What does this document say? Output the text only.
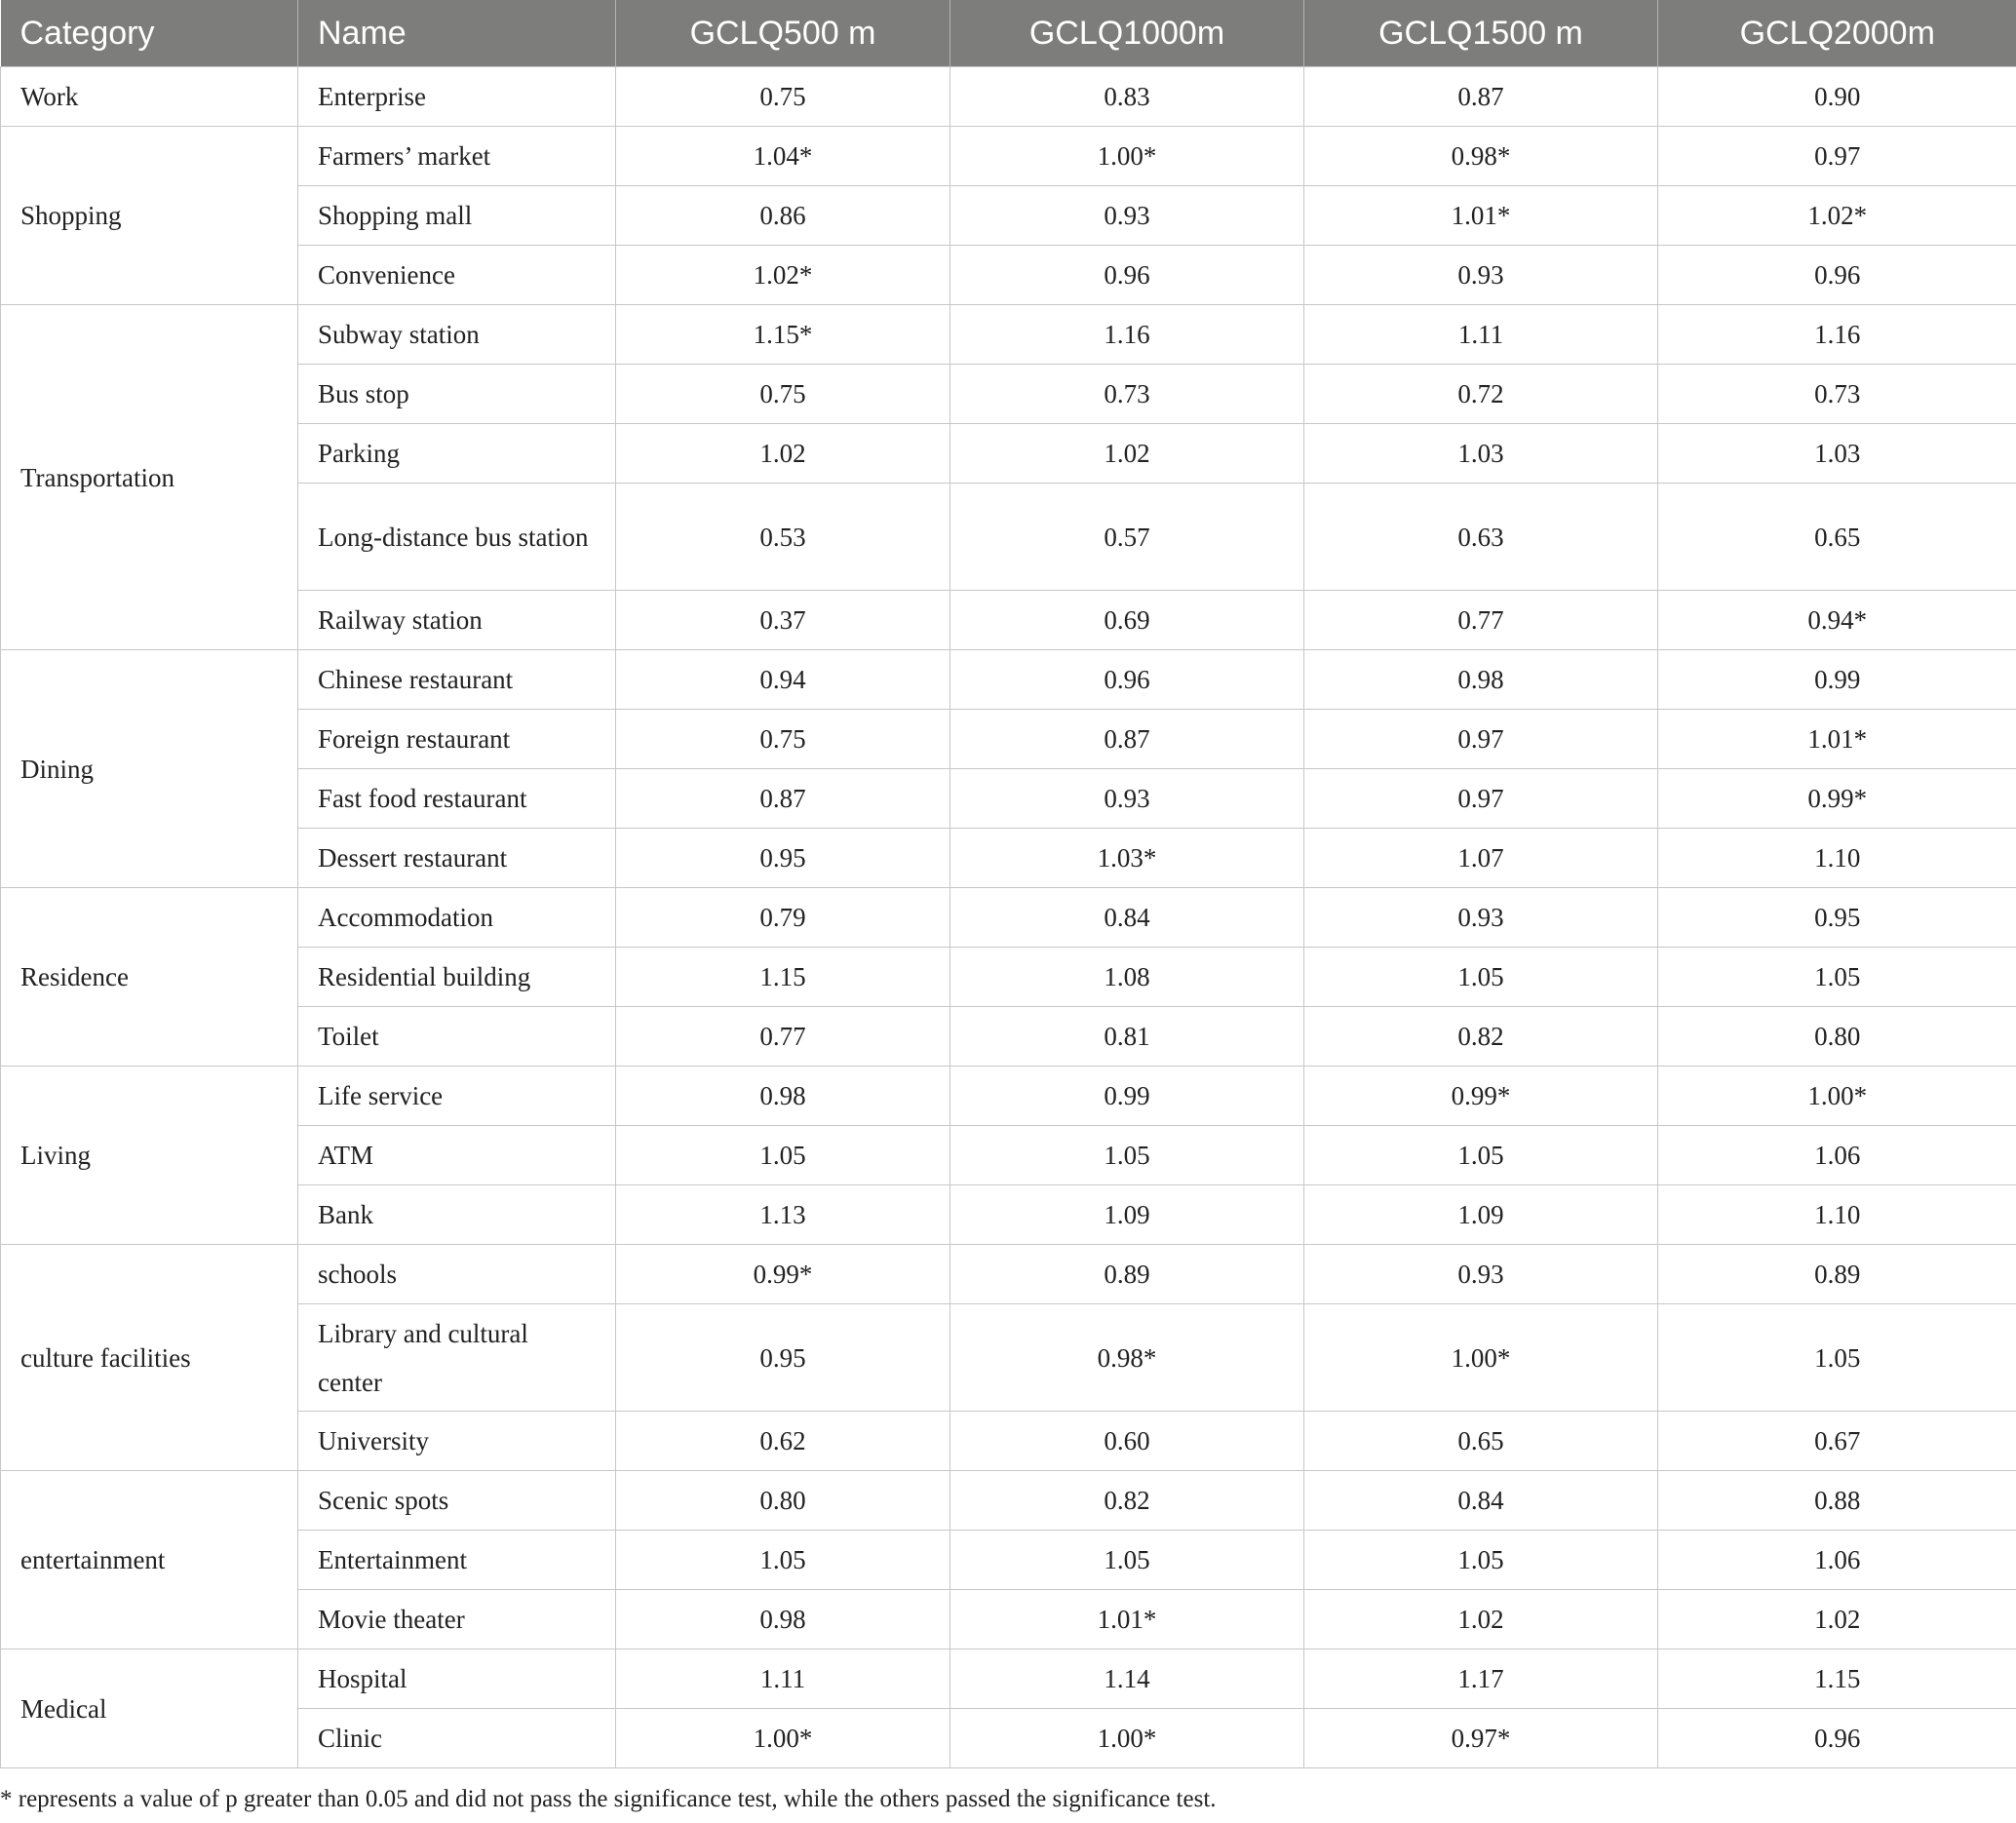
Category	Name	GCLQ500 m	GCLQ1000m	GCLQ1500 m	GCLQ2000m
Work	Enterprise	0.75	0.83	0.87	0.90
Shopping	Farmers’ market	1.04*	1.00*	0.98*	0.97
	Shopping mall	0.86	0.93	1.01*	1.02*
	Convenience	1.02*	0.96	0.93	0.96
Transportation	Subway station	1.15*	1.16	1.11	1.16
	Bus stop	0.75	0.73	0.72	0.73
	Parking	1.02	1.02	1.03	1.03
	Long-distance bus station	0.53	0.57	0.63	0.65
	Railway station	0.37	0.69	0.77	0.94*
Dining	Chinese restaurant	0.94	0.96	0.98	0.99
	Foreign restaurant	0.75	0.87	0.97	1.01*
	Fast food restaurant	0.87	0.93	0.97	0.99*
	Dessert restaurant	0.95	1.03*	1.07	1.10
Residence	Accommodation	0.79	0.84	0.93	0.95
	Residential building	1.15	1.08	1.05	1.05
	Toilet	0.77	0.81	0.82	0.80
Living	Life service	0.98	0.99	0.99*	1.00*
	ATM	1.05	1.05	1.05	1.06
	Bank	1.13	1.09	1.09	1.10
culture facilities	schools	0.99*	0.89	0.93	0.89
	Library and cultural center	0.95	0.98*	1.00*	1.05
	University	0.62	0.60	0.65	0.67
entertainment	Scenic spots	0.80	0.82	0.84	0.88
	Entertainment	1.05	1.05	1.05	1.06
	Movie theater	0.98	1.01*	1.02	1.02
Medical	Hospital	1.11	1.14	1.17	1.15
	Clinic	1.00*	1.00*	0.97*	0.96
* represents a value of p greater than 0.05 and did not pass the significance test, while the others passed the significance test.
